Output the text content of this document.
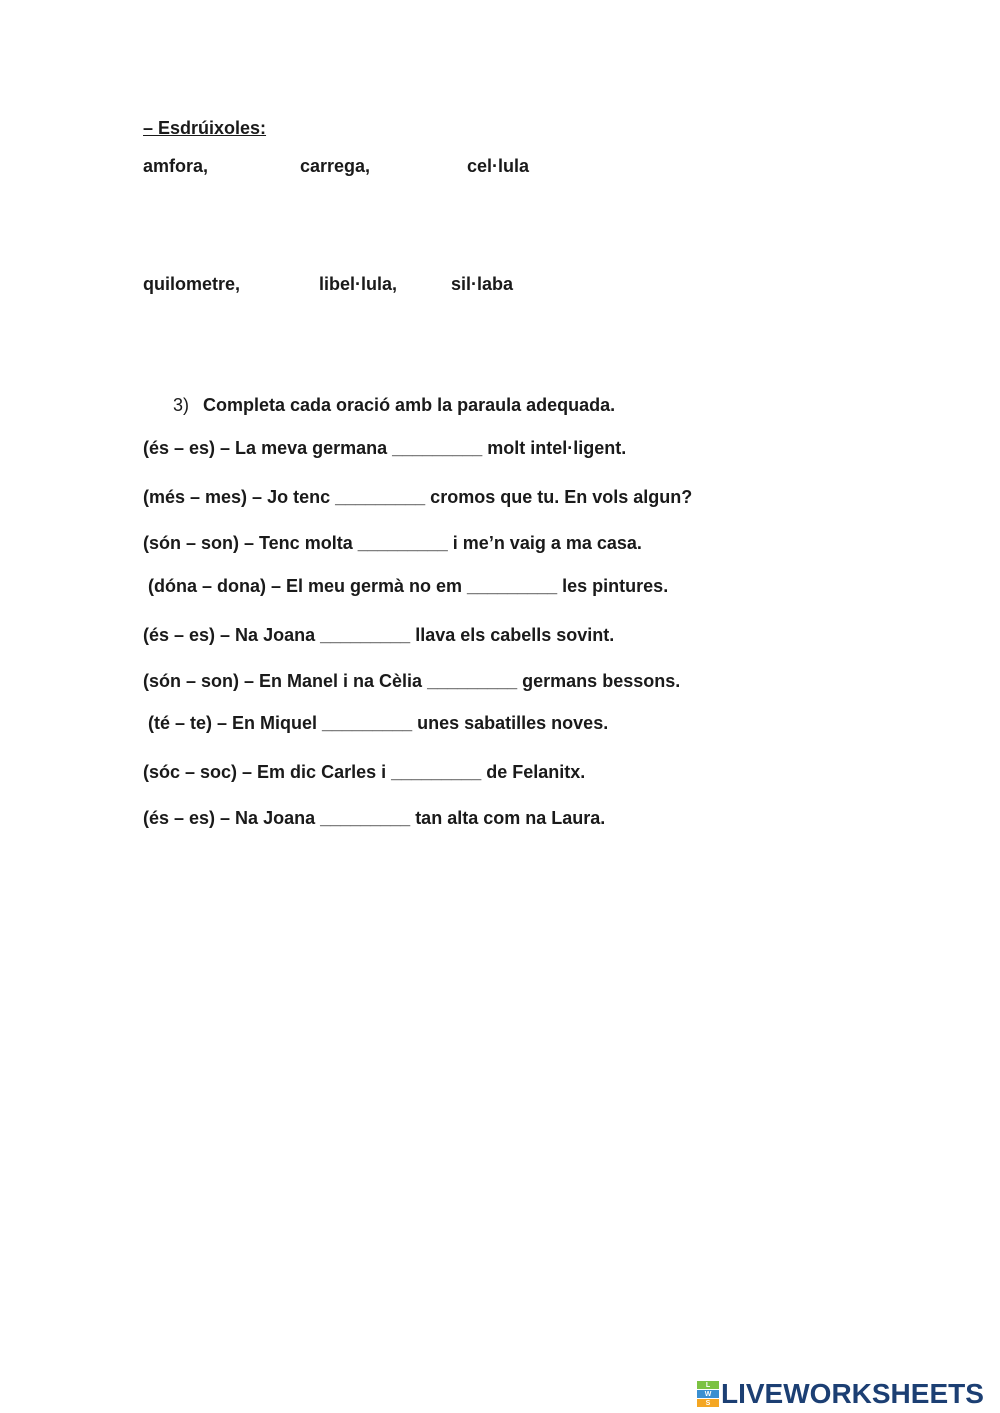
– Esdrúixoles:
amfora,	carrega,	cel·lula
quilometre,	libel·lula,	sil·laba
3) Completa cada oració amb la paraula adequada.
(és – es) – La meva germana _________ molt intel·ligent.
(més – mes) – Jo tenc _________ cromos que tu. En vols algun?
(són – son) – Tenc molta _________ i me’n vaig a ma casa.
(dóna – dona) – El meu germà no em _________ les pintures.
(és – es) – Na Joana _________ llava els cabells sovint.
(són – son) – En Manel i na Cèlia _________ germans bessons.
(té – te) – En Miquel _________ unes sabatilles noves.
(sóc – soc) – Em dic Carles i _________ de Felanitx.
(és – es) – Na Joana _________ tan alta com na Laura.
L
W
S LIVEWORKSHEETS
